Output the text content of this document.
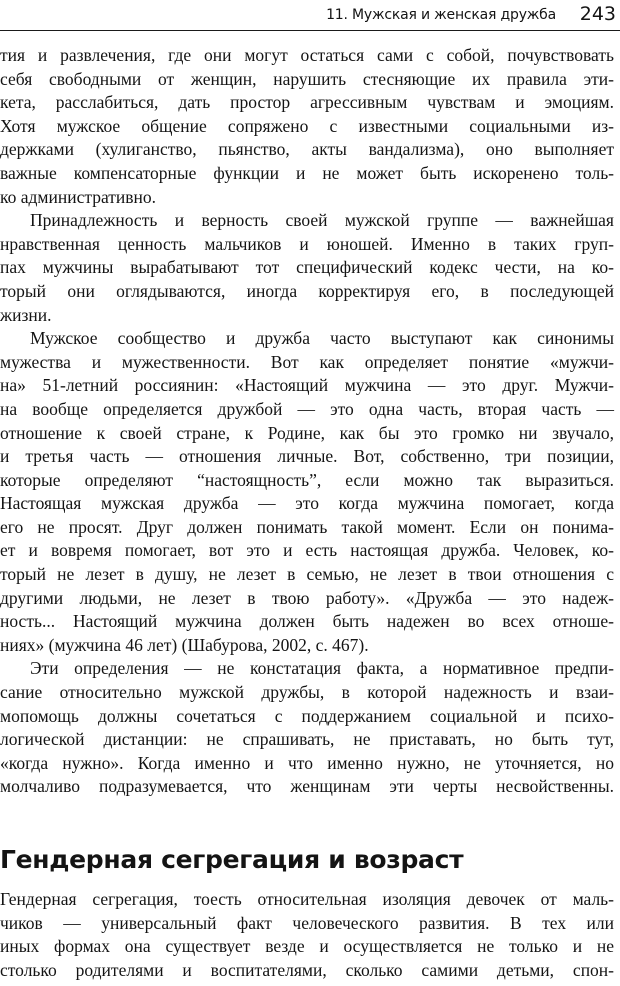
11. Мужская и женская дружба 243
тия и развлечения, где они могут остаться сами с собой, почувствовать
себя свободными от женщин, нарушить стесняющие их правила эти-
кета, расслабиться, дать простор агрессивным чувствам и эмоциям.
Хотя мужское общение сопряжено с известными социальными из-
держками (хулиганство, пьянство, акты вандализма), оно выполняет
важные компенсаторные функции и не может быть искоренено толь-
ко административно.
Принадлежность и верность своей мужской группе — важнейшая
нравственная ценность мальчиков и юношей. Именно в таких груп-
пах мужчины вырабатывают тот специфический кодекс чести, на ко-
торый они оглядываются, иногда корректируя его, в последующей
жизни.
Мужское сообщество и дружба часто выступают как синонимы
мужества и мужественности. Вот как определяет понятие «мужчи-
на» 51-летний россиянин: «Настоящий мужчина — это друг. Мужчи-
на вообще определяется дружбой — это одна часть, вторая часть —
отношение к своей стране, к Родине, как бы это громко ни звучало,
и третья часть — отношения личные. Вот, собственно, три позиции,
которые определяют “настоящность”, если можно так выразиться.
Настоящая мужская дружба — это когда мужчина помогает, когда
его не просят. Друг должен понимать такой момент. Если он понима-
ет и вовремя помогает, вот это и есть настоящая дружба. Человек, ко-
торый не лезет в душу, не лезет в семью, не лезет в твои отношения с
другими людьми, не лезет в твою работу». «Дружба — это надеж-
ность... Настоящий мужчина должен быть надежен во всех отноше-
ниях» (мужчина 46 лет) (Шабурова, 2002, с. 467).
Эти определения — не констатация факта, а нормативное предпи-
сание относительно мужской дружбы, в которой надежность и взаи-
мопомощь должны сочетаться с поддержанием социальной и психо-
логической дистанции: не спрашивать, не приставать, но быть тут,
«когда нужно». Когда именно и что именно нужно, не уточняется, но
молчаливо подразумевается, что женщинам эти черты несвойственны.
Гендерная сегрегация и возраст
Гендерная сегрегация, тоесть относительная изоляция девочек от маль-
чиков — универсальный факт человеческого развития. В тех или
иных формах она существует везде и осуществляется не только и не
столько родителями и воспитателями, сколько самими детьми, спон-
